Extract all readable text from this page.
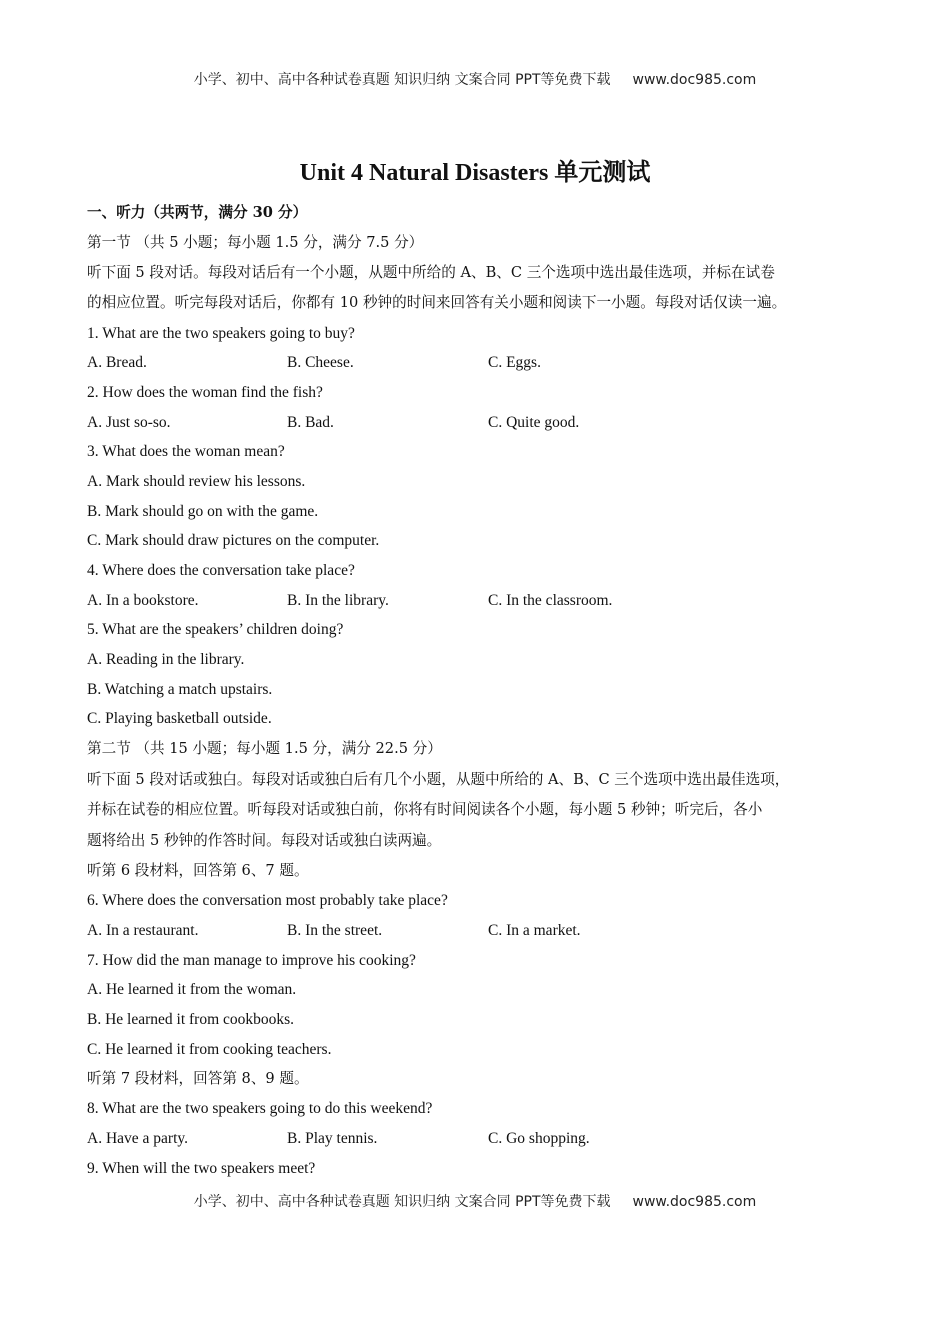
小学、初中、高中各种试卷真题 知识归纳 文案合同 PPT等免费下载 www.doc985.com
Unit 4 Natural Disasters 单元测试
一、听力（共两节，满分 30 分）
第一节 （共 5 小题；每小题 1.5 分，满分 7.5 分）
听下面 5 段对话。每段对话后有一个小题，从题中所给的 A、B、C 三个选项中选出最佳选项，并标在试卷
的相应位置。听完每段对话后，你都有 10 秒钟的时间来回答有关小题和阅读下一小题。每段对话仅读一遍。
1. What are the two speakers going to buy?
A. Bread.	B. Cheese.	C. Eggs.
2. How does the woman find the fish?
A. Just so-so.	B. Bad.	C. Quite good.
3. What does the woman mean?
A. Mark should review his lessons.
B. Mark should go on with the game.
C. Mark should draw pictures on the computer.
4. Where does the conversation take place?
A. In a bookstore.	B. In the library.	C. In the classroom.
5. What are the speakers’ children doing?
A. Reading in the library.
B. Watching a match upstairs.
C. Playing basketball outside.
第二节 （共 15 小题；每小题 1.5 分，满分 22.5 分）
听下面 5 段对话或独白。每段对话或独白后有几个小题，从题中所给的 A、B、C 三个选项中选出最佳选项，
并标在试卷的相应位置。听每段对话或独白前，你将有时间阅读各个小题，每小题 5 秒钟；听完后，各小
题将给出 5 秒钟的作答时间。每段对话或独白读两遍。
听第 6 段材料，回答第 6、7 题。
6. Where does the conversation most probably take place?
A. In a restaurant.	B. In the street.	C. In a market.
7. How did the man manage to improve his cooking?
A. He learned it from the woman.
B. He learned it from cookbooks.
C. He learned it from cooking teachers.
听第 7 段材料，回答第 8、9 题。
8. What are the two speakers going to do this weekend?
A. Have a party.	B. Play tennis.	C. Go shopping.
9. When will the two speakers meet?
小学、初中、高中各种试卷真题 知识归纳 文案合同 PPT等免费下载 www.doc985.com
